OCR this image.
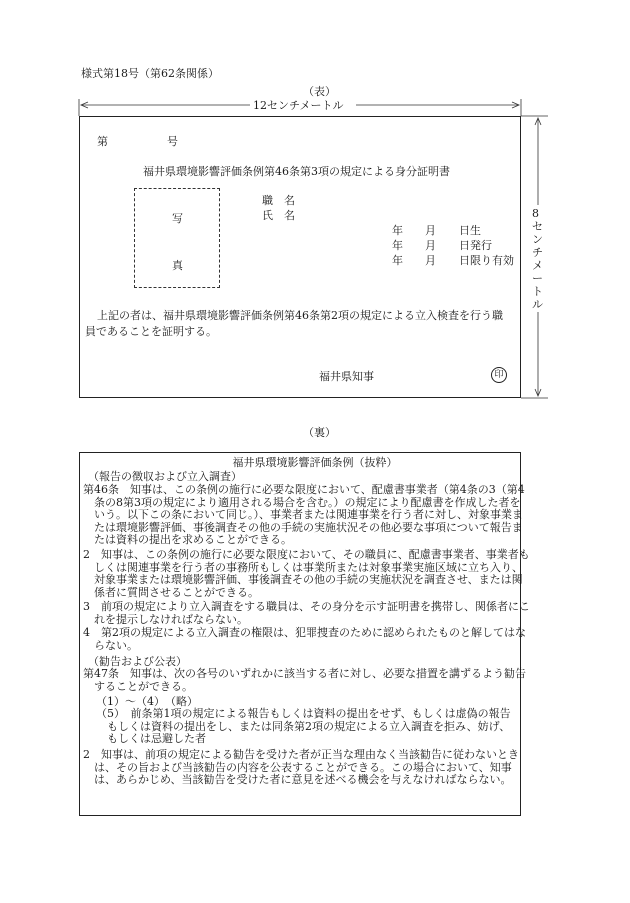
様式第18号（第62条関係）
（表）
12センチメートル
8センチメートル
第	号
福井県環境影響評価条例第46条第3項の規定による身分証明書
写
真
職　名
氏　名
年 月 日生
年 月 日発行
年 月 日限り有効
上記の者は、福井県環境影響評価条例第46条第2項の規定による立入検査を行う職
員であることを証明する。
福井県知事	印
（裏）
福井県環境影響評価条例（抜粋）
（報告の徴収および立入調査）
第46条　知事は、この条例の施行に必要な限度において、配慮書事業者（第4条の3（第4条の8第3項の規定により適用される場合を含む。）の規定により配慮書を作成した者をいう。以下この条において同じ。）、事業者または関連事業を行う者に対し、対象事業または環境影響評価、事後調査その他の手続の実施状況その他必要な事項について報告または資料の提出を求めることができる。
2　知事は、この条例の施行に必要な限度において、その職員に、配慮書事業者、事業者もしくは関連事業を行う者の事務所もしくは事業所または対象事業実施区域に立ち入り、対象事業または環境影響評価、事後調査その他の手続の実施状況を調査させ、または関係者に質問させることができる。
3　前項の規定により立入調査をする職員は、その身分を示す証明書を携帯し、関係者にこれを提示しなければならない。
4　第2項の規定による立入調査の権限は、犯罪捜査のために認められたものと解してはならない。
（勧告および公表）
第47条　知事は、次の各号のいずれかに該当する者に対し、必要な措置を講ずるよう勧告することができる。
（1）～（4）　（略）
（5）　前条第1項の規定による報告もしくは資料の提出をせず、もしくは虚偽の報告もしくは資料の提出をし、または同条第2項の規定による立入調査を拒み、妨げ、もしくは忌避した者
2　知事は、前項の規定による勧告を受けた者が正当な理由なく当該勧告に従わないときは、その旨および当該勧告の内容を公表することができる。この場合において、知事は、あらかじめ、当該勧告を受けた者に意見を述べる機会を与えなければならない。
